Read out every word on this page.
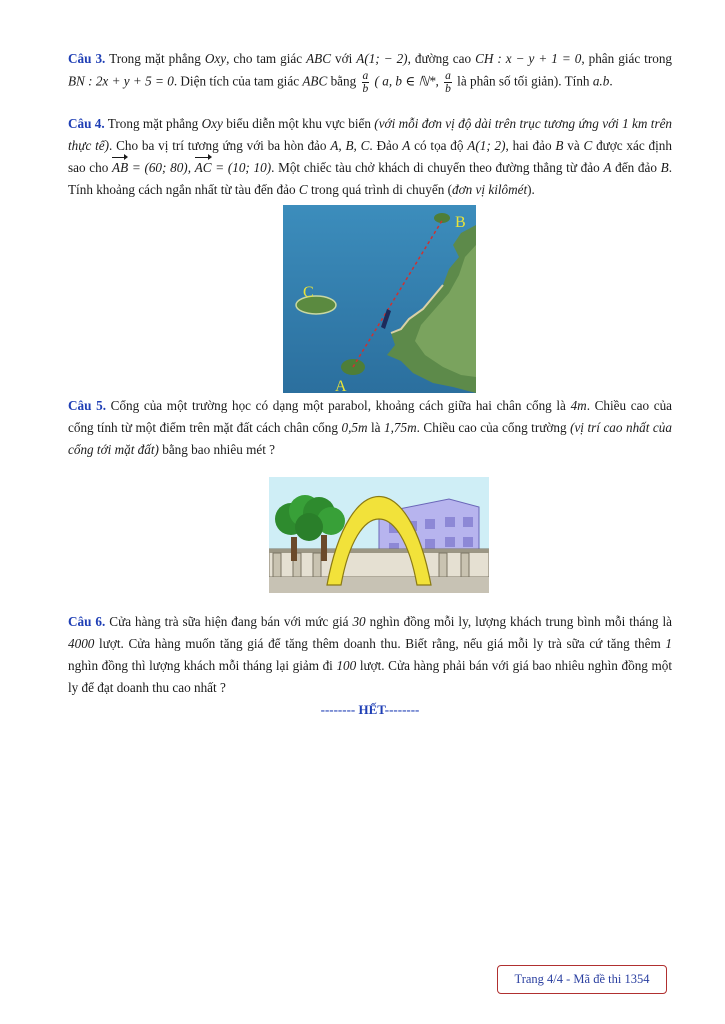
Câu 3. Trong mặt phẳng Oxy, cho tam giác ABC với A(1; − 2), đường cao CH : x − y + 1 = 0, phân giác trong BN : 2x + y + 5 = 0. Diện tích của tam giác ABC bằng $\frac{a}{b}$ ( a, b ∈ ℕ*, $\frac{a}{b}$ là phân số tối giản). Tính a.b.

Câu 4. Trong mặt phẳng Oxy biểu diễn một khu vực biển (với mỗi đơn vị độ dài trên trục tương ứng với 1 km trên thực tế). Cho ba vị trí tương ứng với ba hòn đảo A, B, C. Đảo A có tọa độ A(1; 2), hai đảo B và C được xác định sao cho AB = (60; 80), AC = (10; 10). Một chiếc tàu chở khách di chuyển theo đường thẳng từ đảo A đến đảo B. Tính khoảng cách ngắn nhất từ tàu đến đảo C trong quá trình di chuyển (đơn vị kilômét).

B
C
A

Câu 5. Cổng của một trường học có dạng một parabol, khoảng cách giữa hai chân cổng là 4m. Chiều cao của cổng tính từ một điểm trên mặt đất cách chân cổng 0,5m là 1,75m. Chiều cao của cổng trường (vị trí cao nhất của cổng tới mặt đất) bằng bao nhiêu mét ?

Câu 6. Cửa hàng trà sữa hiện đang bán với mức giá 30 nghìn đồng mỗi ly, lượng khách trung bình mỗi tháng là 4000 lượt. Cửa hàng muốn tăng giá để tăng thêm doanh thu. Biết rằng, nếu giá mỗi ly trà sữa cứ tăng thêm 1 nghìn đồng thì lượng khách mỗi tháng lại giảm đi 100 lượt. Cửa hàng phải bán với giá bao nhiêu nghìn đồng một ly để đạt doanh thu cao nhất ?

-------- HẾT--------
Trang 4/4 - Mã đề thi 1354
